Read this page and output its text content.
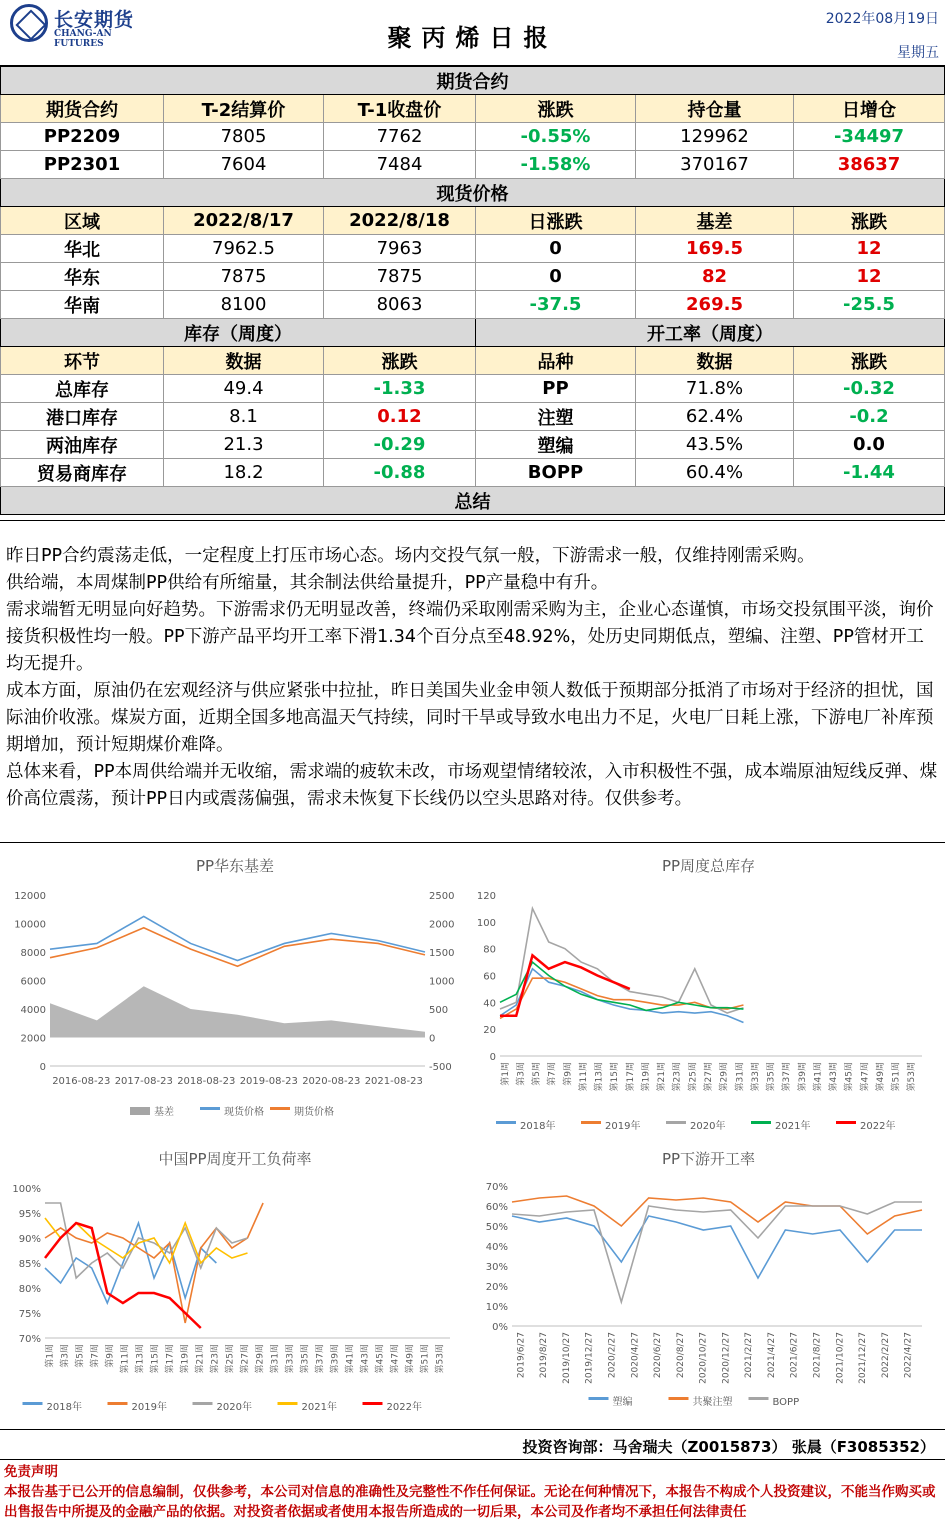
长安期货
CHANG-AN FUTURES	聚丙烯日报
2022年08月19日
星期五
期货合约					
期货合约	T-2结算价	T-1收盘价	涨跌	持仓量	日增仓
PP2209	7805	7762	-0.55%	129962	-34497
PP2301	7604	7484	-1.58%	370167	38637
现货价格					
区域	2022/8/17	2022/8/18	日涨跌	基差	涨跌
华北	7962.5	7963	0	169.5	12
华东	7875	7875	0	82	12
华南	8100	8063	-37.5	269.5	-25.5
库存（周度）			开工率（周度）		
环节	数据	涨跌	品种	数据	涨跌
总库存	49.4	-1.33	PP	71.8%	-0.32
港口库存	8.1	0.12	注塑	62.4%	-0.2
两油库存	21.3	-0.29	塑编	43.5%	0.0
贸易商库存	18.2	-0.88	BOPP	60.4%	-1.44
总结					

昨日PP合约震荡走低，一定程度上打压市场心态。场内交投气氛一般，下游需求一般，仅维持刚需采购。

供给端，本周煤制PP供给有所缩量，其余制法供给量提升，PP产量稳中有升。

需求端暂无明显向好趋势。下游需求仍无明显改善，终端仍采取刚需采购为主，企业心态谨慎，市场交投氛围平淡，询价接货积极性均一般。PP下游产品平均开工率下滑1.34个百分点至48.92%，处历史同期低点，塑编、注塑、PP管材开工均无提升。

成本方面，原油仍在宏观经济与供应紧张中拉扯，昨日美国失业金申领人数低于预期部分抵消了市场对于经济的担忧，国际油价收涨。煤炭方面，近期全国多地高温天气持续，同时干旱或导致水电出力不足，火电厂日耗上涨，下游电厂补库预期增加，预计短期煤价难降。

总体来看，PP本周供给端并无收缩，需求端的疲软未改，市场观望情绪较浓，入市积极性不强，成本端原油短线反弹、煤价高位震荡，预计PP日内或震荡偏强，需求未恢复下长线仍以空头思路对待。仅供参考。

PP华东基差
0
2000
4000
6000
8000
10000
12000
-500
0
500
1000
1500
2000
2500
2016-08-23 2017-08-23 2018-08-23 2019-08-23 2020-08-23 2021-08-23
基差	现货价格	期货价格
PP周度总库存
0
20
40
60
80
100
120
第1周 第3周 第5周 第7周 第9周 第11周 第13周 第15周 第17周 第19周 第21周 第23周 第25周 第27周 第29周 第31周 第33周 第35周 第37周 第39周 第41周 第43周 第45周 第47周 第49周 第51周 第53周
2018年	2019年	2020年	2021年	2022年
中国PP周度开工负荷率
70%
75%
80%
85%
90%
95%
100%
第1周 第3周 第5周 第7周 第9周 第11周 第13周 第15周 第17周 第19周 第21周 第23周 第25周 第27周 第29周 第31周 第33周 第35周 第37周 第39周 第41周 第43周 第45周 第47周 第49周 第51周 第53周
2018年	2019年	2020年	2021年	2022年
PP下游开工率
0%
10%
20%
30%
40%
50%
60%
70%
2019/6/27 2019/8/27 2019/10/27 2019/12/27 2020/2/27 2020/4/27 2020/6/27 2020/8/27 2020/10/27 2020/12/27 2021/2/27 2021/4/27 2021/6/27 2021/8/27 2021/10/27 2021/12/27 2022/2/27 2022/4/27
塑编	共聚注塑	BOPP
投资咨询部：马舍瑞夫（Z0015873） 张晨（F3085352）
免责声明
本报告基于已公开的信息编制，仅供参考，本公司对信息的准确性及完整性不作任何保证。无论在何种情况下，本报告不构成个人投资建议，不能当作购买或出售报告中所提及的金融产品的依据。对投资者依据或者使用本报告所造成的一切后果，本公司及作者均不承担任何法律责任
